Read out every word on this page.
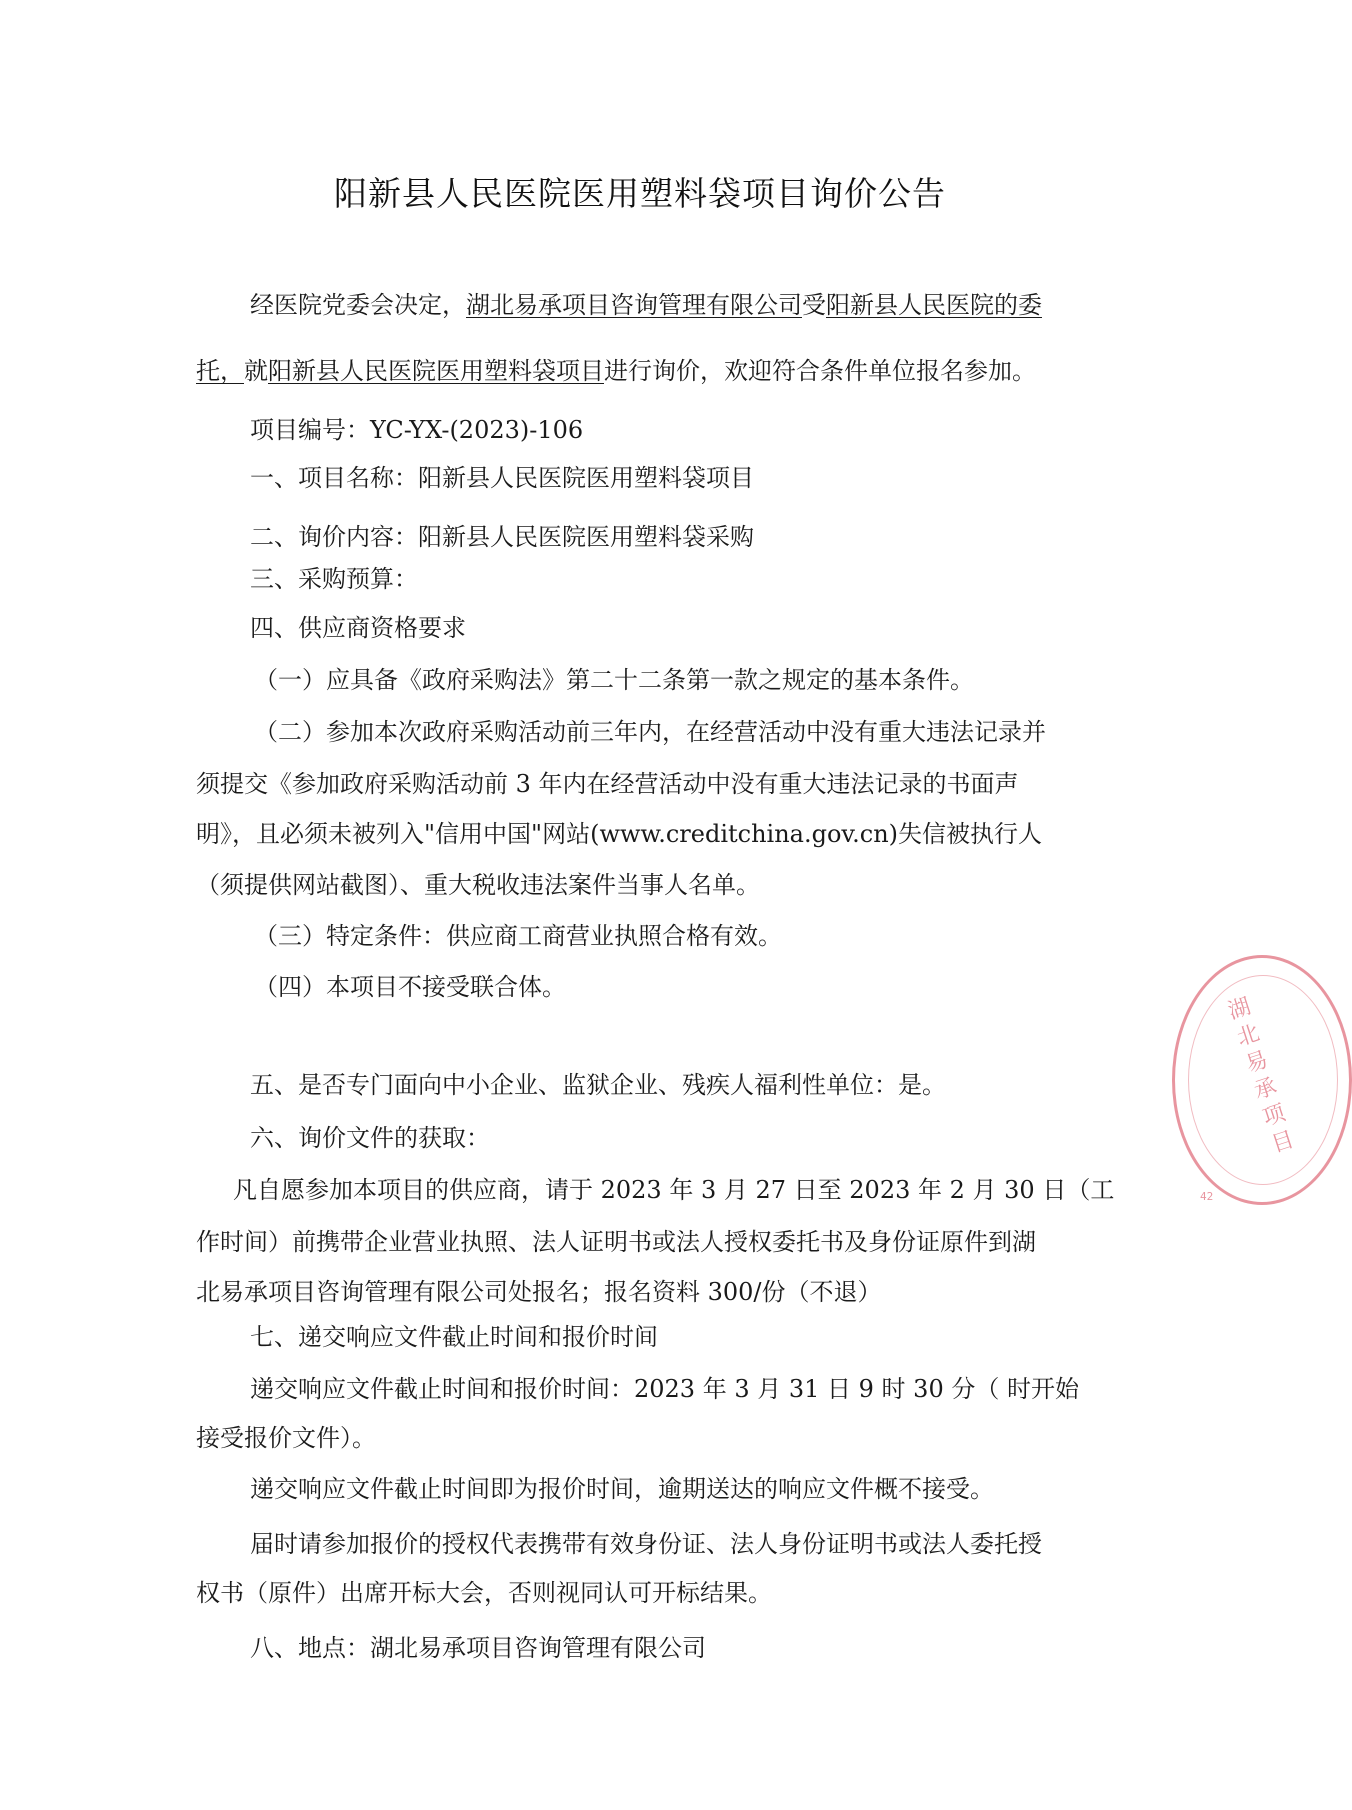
阳新县人民医院医用塑料袋项目询价公告
经医院党委会决定，湖北易承项目咨询管理有限公司受阳新县人民医院的委
托，就阳新县人民医院医用塑料袋项目进行询价，欢迎符合条件单位报名参加。
项目编号：YC-YX-(2023)-106
一、项目名称：阳新县人民医院医用塑料袋项目
二、询价内容：阳新县人民医院医用塑料袋采购
三、采购预算：
四、供应商资格要求
（一）应具备《政府采购法》第二十二条第一款之规定的基本条件。
（二）参加本次政府采购活动前三年内，在经营活动中没有重大违法记录并
须提交《参加政府采购活动前 3 年内在经营活动中没有重大违法记录的书面声
明》，且必须未被列入"信用中国"网站(www.creditchina.gov.cn)失信被执行人
（须提供网站截图）、重大税收违法案件当事人名单。
（三）特定条件：供应商工商营业执照合格有效。
（四）本项目不接受联合体。
五、是否专门面向中小企业、监狱企业、残疾人福利性单位：是。
六、询价文件的获取：
凡自愿参加本项目的供应商，请于 2023 年 3 月 27 日至 2023 年 2 月 30 日（工
作时间）前携带企业营业执照、法人证明书或法人授权委托书及身份证原件到湖
北易承项目咨询管理有限公司处报名；报名资料 300/份（不退）
七、递交响应文件截止时间和报价时间
递交响应文件截止时间和报价时间：2023 年 3 月 31 日 9 时 30 分（ 时开始
接受报价文件）。
递交响应文件截止时间即为报价时间，逾期送达的响应文件概不接受。
届时请参加报价的授权代表携带有效身份证、法人身份证明书或法人委托授
权书（原件）出席开标大会，否则视同认可开标结果。
八、地点：湖北易承项目咨询管理有限公司
湖北易承项目
42
